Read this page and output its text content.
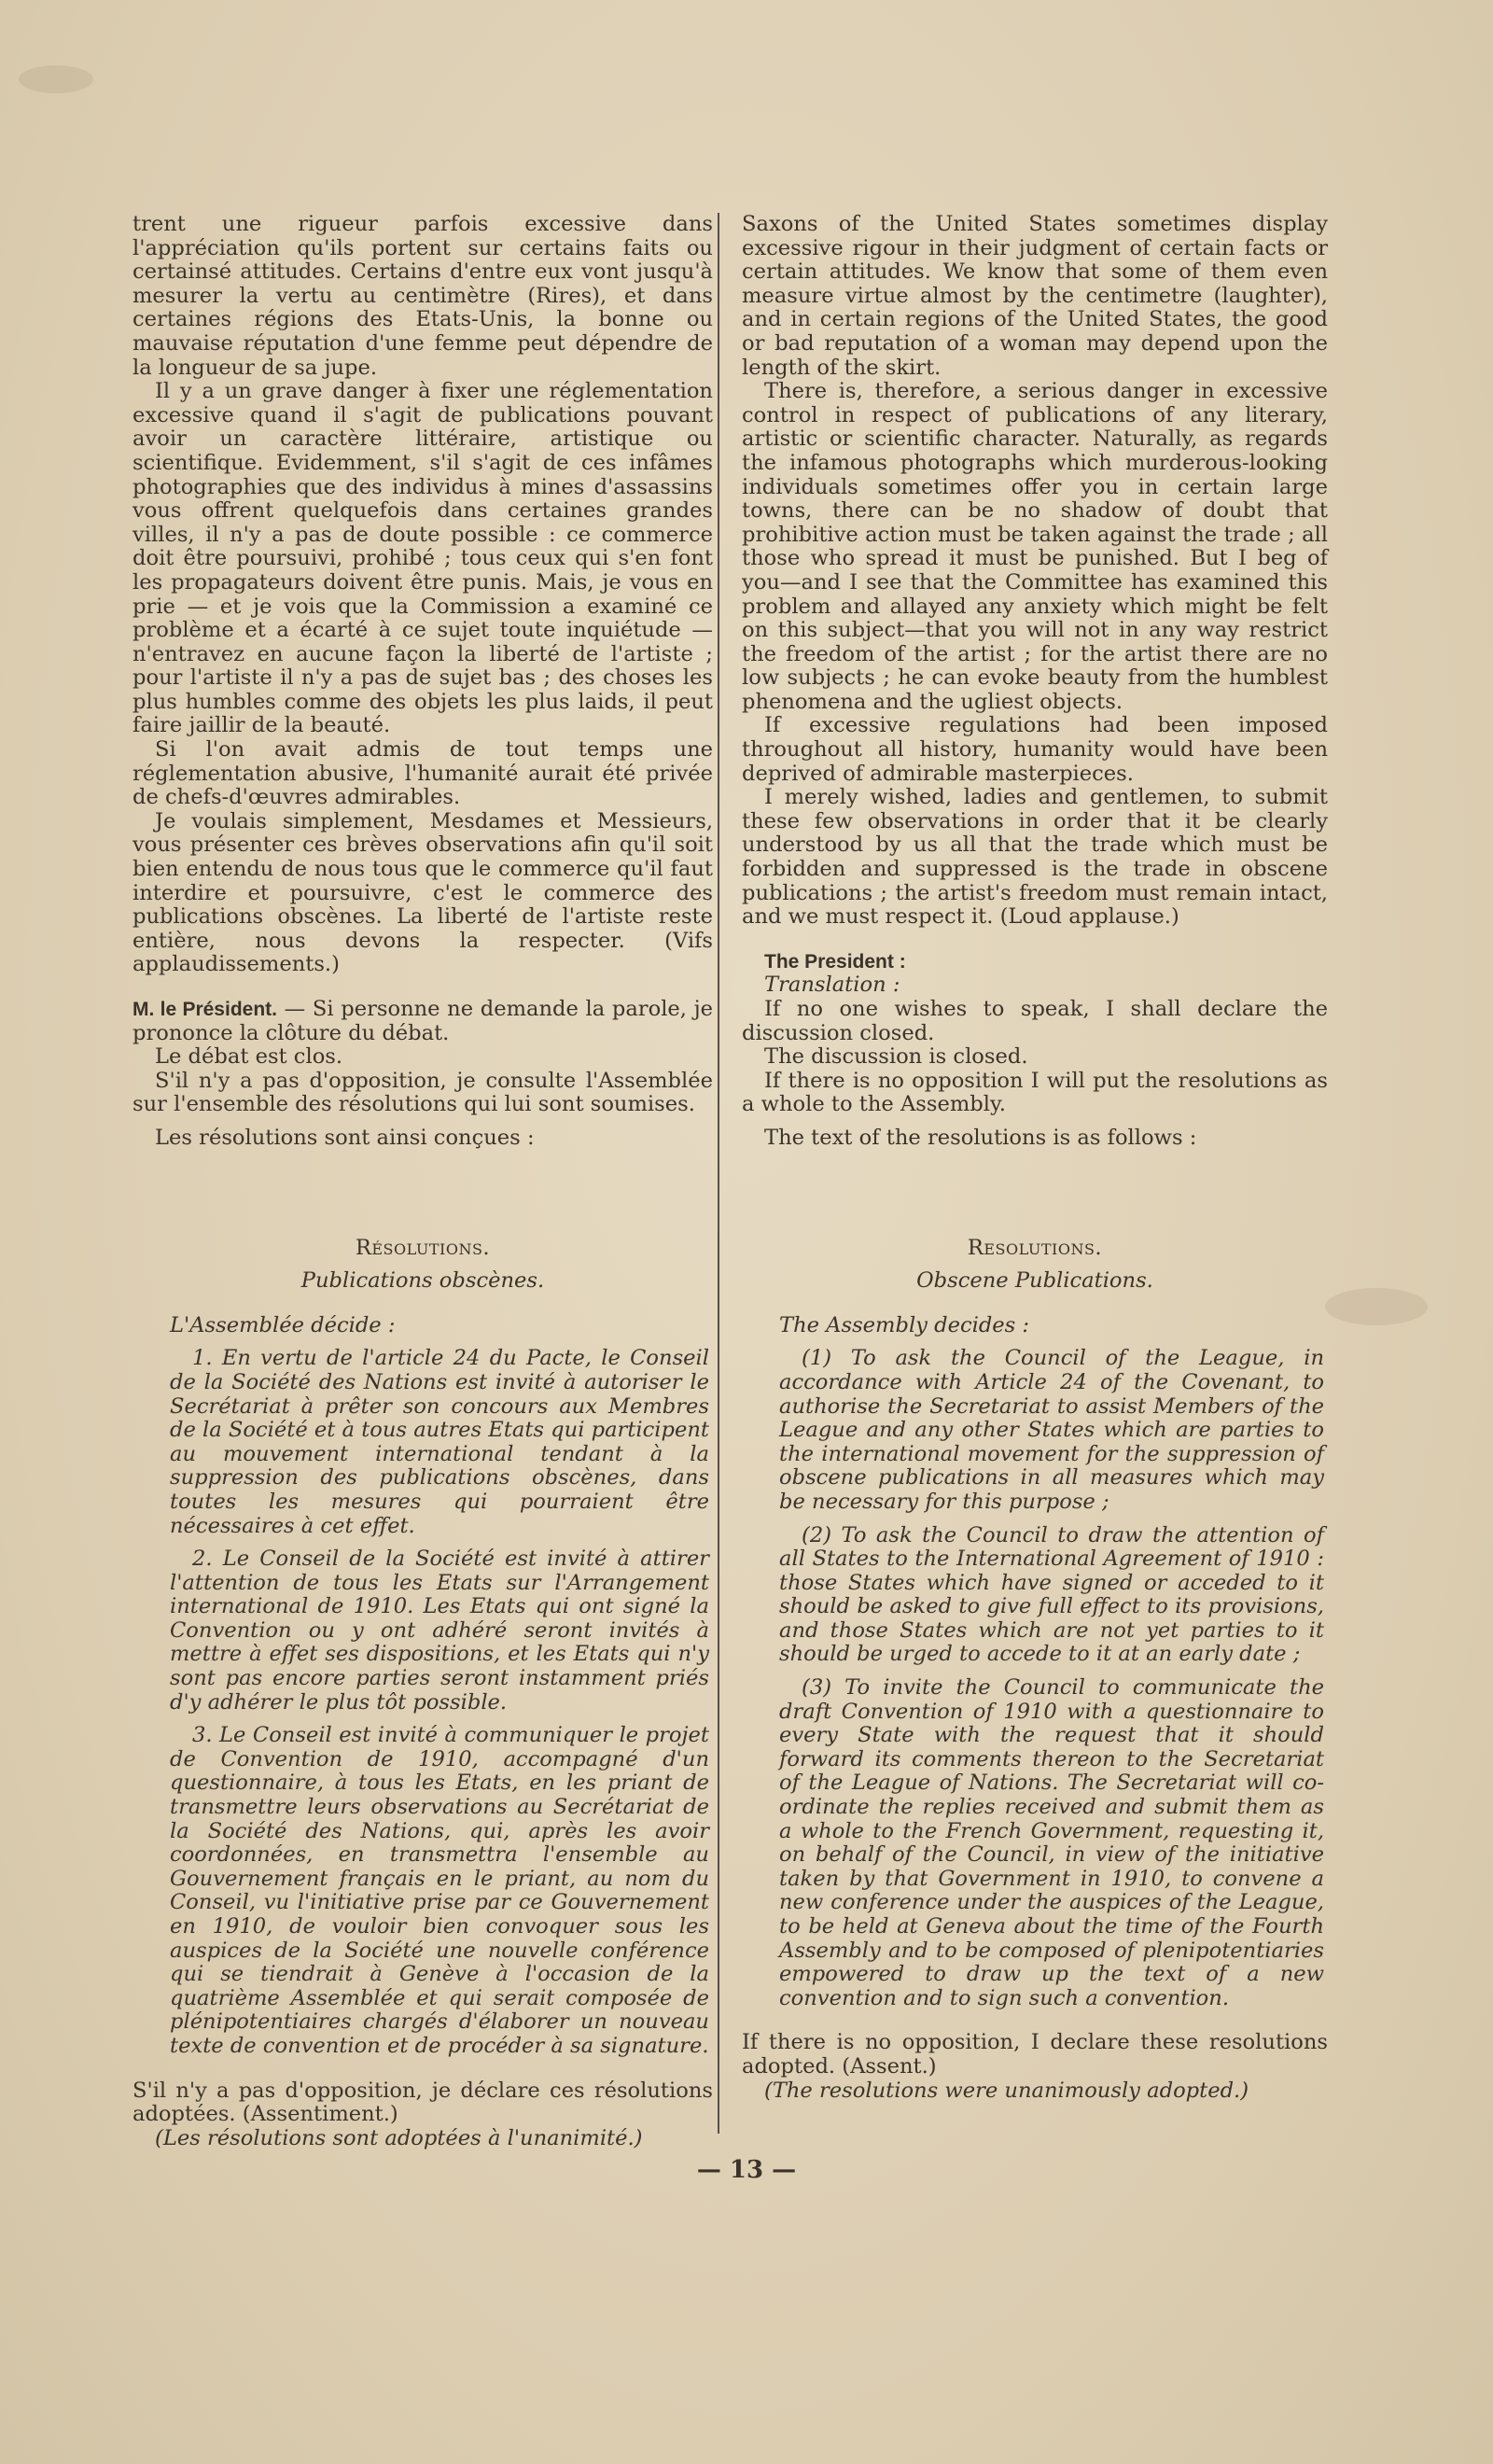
trent une rigueur parfois excessive dans l'appréciation qu'ils portent sur certains faits ou certainsé attitudes. Certains d'entre eux vont jusqu'à mesurer la vertu au centimètre (Rires), et dans certaines régions des Etats-Unis, la bonne ou mauvaise réputation d'une femme peut dépendre de la longueur de sa jupe.

Il y a un grave danger à fixer une réglementation excessive quand il s'agit de publications pouvant avoir un caractère littéraire, artistique ou scientifique. Evidemment, s'il s'agit de ces infâmes photographies que des individus à mines d'assassins vous offrent quelquefois dans certaines grandes villes, il n'y a pas de doute possible : ce commerce doit être poursuivi, prohibé ; tous ceux qui s'en font les propagateurs doivent être punis. Mais, je vous en prie — et je vois que la Commission a examiné ce problème et a écarté à ce sujet toute inquiétude — n'entravez en aucune façon la liberté de l'artiste ; pour l'artiste il n'y a pas de sujet bas ; des choses les plus humbles comme des objets les plus laids, il peut faire jaillir de la beauté.

Si l'on avait admis de tout temps une réglementation abusive, l'humanité aurait été privée de chefs-d'œuvres admirables.

Je voulais simplement, Mesdames et Messieurs, vous présenter ces brèves observations afin qu'il soit bien entendu de nous tous que le commerce qu'il faut interdire et poursuivre, c'est le commerce des publications obscènes. La liberté de l'artiste reste entière, nous devons la respecter. (Vifs applaudissements.)

M. le Président. — Si personne ne demande la parole, je prononce la clôture du débat.

Le débat est clos.

S'il n'y a pas d'opposition, je consulte l'Assemblée sur l'ensemble des résolutions qui lui sont soumises.

Les résolutions sont ainsi conçues :

Résolutions.

Publications obscènes.

L'Assemblée décide :

1. En vertu de l'article 24 du Pacte, le Conseil de la Société des Nations est invité à autoriser le Secrétariat à prêter son concours aux Membres de la Société et à tous autres Etats qui participent au mouvement international tendant à la suppression des publications obscènes, dans toutes les mesures qui pourraient être nécessaires à cet effet.

2. Le Conseil de la Société est invité à attirer l'attention de tous les Etats sur l'Arrangement international de 1910. Les Etats qui ont signé la Convention ou y ont adhéré seront invités à mettre à effet ses dispositions, et les Etats qui n'y sont pas encore parties seront instamment priés d'y adhérer le plus tôt possible.

3. Le Conseil est invité à communiquer le projet de Convention de 1910, accompagné d'un questionnaire, à tous les Etats, en les priant de transmettre leurs observations au Secrétariat de la Société des Nations, qui, après les avoir coordonnées, en transmettra l'ensemble au Gouvernement français en le priant, au nom du Conseil, vu l'initiative prise par ce Gouvernement en 1910, de vouloir bien convoquer sous les auspices de la Société une nouvelle conférence qui se tiendrait à Genève à l'occasion de la quatrième Assemblée et qui serait composée de plénipotentiaires chargés d'élaborer un nouveau texte de convention et de procéder à sa signature.

S'il n'y a pas d'opposition, je déclare ces résolutions adoptées. (Assentiment.)

(Les résolutions sont adoptées à l'unanimité.)

Saxons of the United States sometimes display excessive rigour in their judgment of certain facts or certain attitudes. We know that some of them even measure virtue almost by the centimetre (laughter), and in certain regions of the United States, the good or bad reputation of a woman may depend upon the length of the skirt.

There is, therefore, a serious danger in excessive control in respect of publications of any literary, artistic or scientific character. Naturally, as regards the infamous photographs which murderous-looking individuals sometimes offer you in certain large towns, there can be no shadow of doubt that prohibitive action must be taken against the trade ; all those who spread it must be punished. But I beg of you—and I see that the Committee has examined this problem and allayed any anxiety which might be felt on this subject—that you will not in any way restrict the freedom of the artist ; for the artist there are no low subjects ; he can evoke beauty from the humblest phenomena and the ugliest objects.

If excessive regulations had been imposed throughout all history, humanity would have been deprived of admirable masterpieces.

I merely wished, ladies and gentlemen, to submit these few observations in order that it be clearly understood by us all that the trade which must be forbidden and suppressed is the trade in obscene publications ; the artist's freedom must remain intact, and we must respect it. (Loud applause.)

The President :

Translation :

If no one wishes to speak, I shall declare the discussion closed.

The discussion is closed.

If there is no opposition I will put the resolutions as a whole to the Assembly.

The text of the resolutions is as follows :

Resolutions.

Obscene Publications.

The Assembly decides :

(1) To ask the Council of the League, in accordance with Article 24 of the Covenant, to authorise the Secretariat to assist Members of the League and any other States which are parties to the international movement for the suppression of obscene publications in all measures which may be necessary for this purpose ;

(2) To ask the Council to draw the attention of all States to the International Agreement of 1910 : those States which have signed or acceded to it should be asked to give full effect to its provisions, and those States which are not yet parties to it should be urged to accede to it at an early date ;

(3) To invite the Council to communicate the draft Convention of 1910 with a questionnaire to every State with the request that it should forward its comments thereon to the Secretariat of the League of Nations. The Secretariat will co-ordinate the replies received and submit them as a whole to the French Government, requesting it, on behalf of the Council, in view of the initiative taken by that Government in 1910, to convene a new conference under the auspices of the League, to be held at Geneva about the time of the Fourth Assembly and to be composed of plenipotentiaries empowered to draw up the text of a new convention and to sign such a convention.

If there is no opposition, I declare these resolutions adopted. (Assent.)

(The resolutions were unanimously adopted.)

— 13 —
